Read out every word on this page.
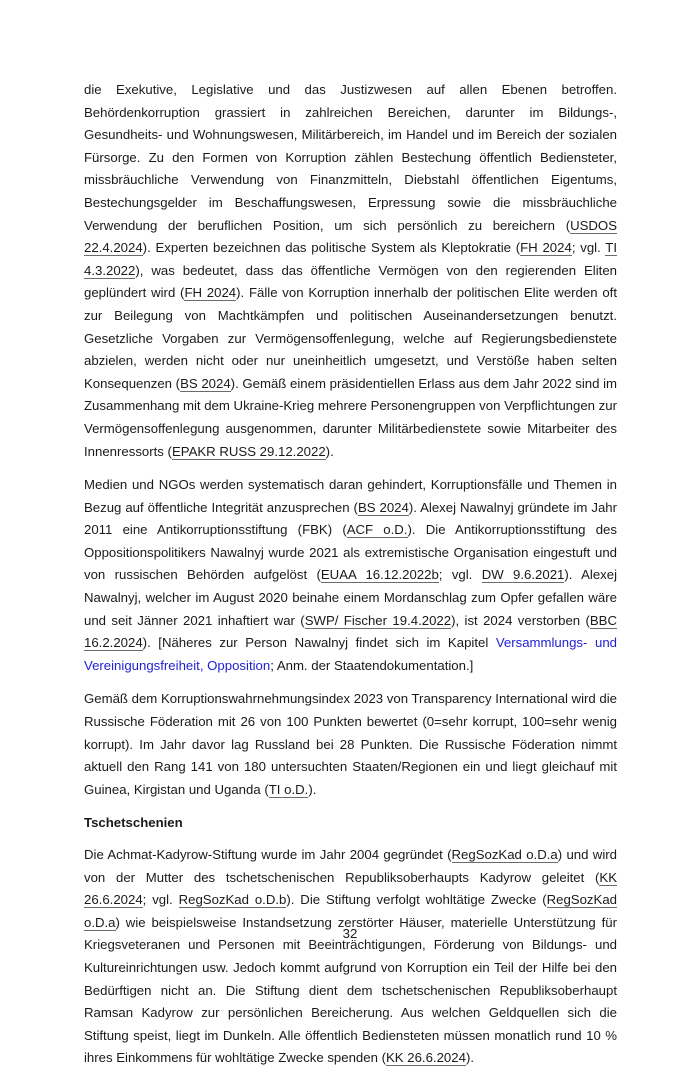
die Exekutive, Legislative und das Justizwesen auf allen Ebenen betroffen. Behördenkorruption grassiert in zahlreichen Bereichen, darunter im Bildungs-, Gesundheits- und Wohnungswesen, Militärbereich, im Handel und im Bereich der sozialen Fürsorge. Zu den Formen von Korruption zählen Bestechung öffentlich Bediensteter, missbräuchliche Verwendung von Finanzmitteln, Diebstahl öffentlichen Eigentums, Bestechungsgelder im Beschaffungswesen, Erpressung sowie die missbräuchliche Verwendung der beruflichen Position, um sich persönlich zu bereichern (USDOS 22.4.2024). Experten bezeichnen das politische System als Kleptokratie (FH 2024; vgl. TI 4.3.2022), was bedeutet, dass das öffentliche Vermögen von den regierenden Eliten geplündert wird (FH 2024). Fälle von Korruption innerhalb der politischen Elite werden oft zur Beilegung von Machtkämpfen und politischen Auseinandersetzungen benutzt. Gesetzliche Vorgaben zur Vermögensoffenlegung, welche auf Regierungsbedienstete abzielen, werden nicht oder nur uneinheitlich umgesetzt, und Verstöße haben selten Konsequenzen (BS 2024). Gemäß einem präsidentiellen Erlass aus dem Jahr 2022 sind im Zusammenhang mit dem Ukraine-Krieg mehrere Personengruppen von Verpflichtungen zur Vermögensoffenlegung ausgenommen, darunter Militärbedienstete sowie Mitarbeiter des Innenressorts (EPAKR RUSS 29.12.2022).

Medien und NGOs werden systematisch daran gehindert, Korruptionsfälle und Themen in Bezug auf öffentliche Integrität anzusprechen (BS 2024). Alexej Nawalnyj gründete im Jahr 2011 eine Antikorruptionsstiftung (FBK) (ACF o.D.). Die Antikorruptionsstiftung des Oppositionspolitikers Nawalnyj wurde 2021 als extremistische Organisation eingestuft und von russischen Behörden aufgelöst (EUAA 16.12.2022b; vgl. DW 9.6.2021). Alexej Nawalnyj, welcher im August 2020 beinahe einem Mordanschlag zum Opfer gefallen wäre und seit Jänner 2021 inhaftiert war (SWP/ Fischer 19.4.2022), ist 2024 verstorben (BBC 16.2.2024). [Näheres zur Person Nawalnyj findet sich im Kapitel Versammlungs- und Vereinigungsfreiheit, Opposition; Anm. der Staatendokumentation.]

Gemäß dem Korruptionswahrnehmungsindex 2023 von Transparency International wird die Russische Föderation mit 26 von 100 Punkten bewertet (0=sehr korrupt, 100=sehr wenig korrupt). Im Jahr davor lag Russland bei 28 Punkten. Die Russische Föderation nimmt aktuell den Rang 141 von 180 untersuchten Staaten/Regionen ein und liegt gleichauf mit Guinea, Kirgistan und Uganda (TI o.D.).

Tschetschenien

Die Achmat-Kadyrow-Stiftung wurde im Jahr 2004 gegründet (RegSozKad o.D.a) und wird von der Mutter des tschetschenischen Republiksoberhaupts Kadyrow geleitet (KK 26.6.2024; vgl. RegSozKad o.D.b). Die Stiftung verfolgt wohltätige Zwecke (RegSozKad o.D.a) wie beispielsweise Instandsetzung zerstörter Häuser, materielle Unterstützung für Kriegsveteranen und Personen mit Beeinträchtigungen, Förderung von Bildungs- und Kultureinrichtungen usw. Jedoch kommt aufgrund von Korruption ein Teil der Hilfe bei den Bedürftigen nicht an. Die Stiftung dient dem tschetschenischen Republiksoberhaupt Ramsan Kadyrow zur persönlichen Bereicherung. Aus welchen Geldquellen sich die Stiftung speist, liegt im Dunkeln. Alle öffentlich Bediensteten müssen monatlich rund 10 % ihres Einkommens für wohltätige Zwecke spenden (KK 26.6.2024).

32
